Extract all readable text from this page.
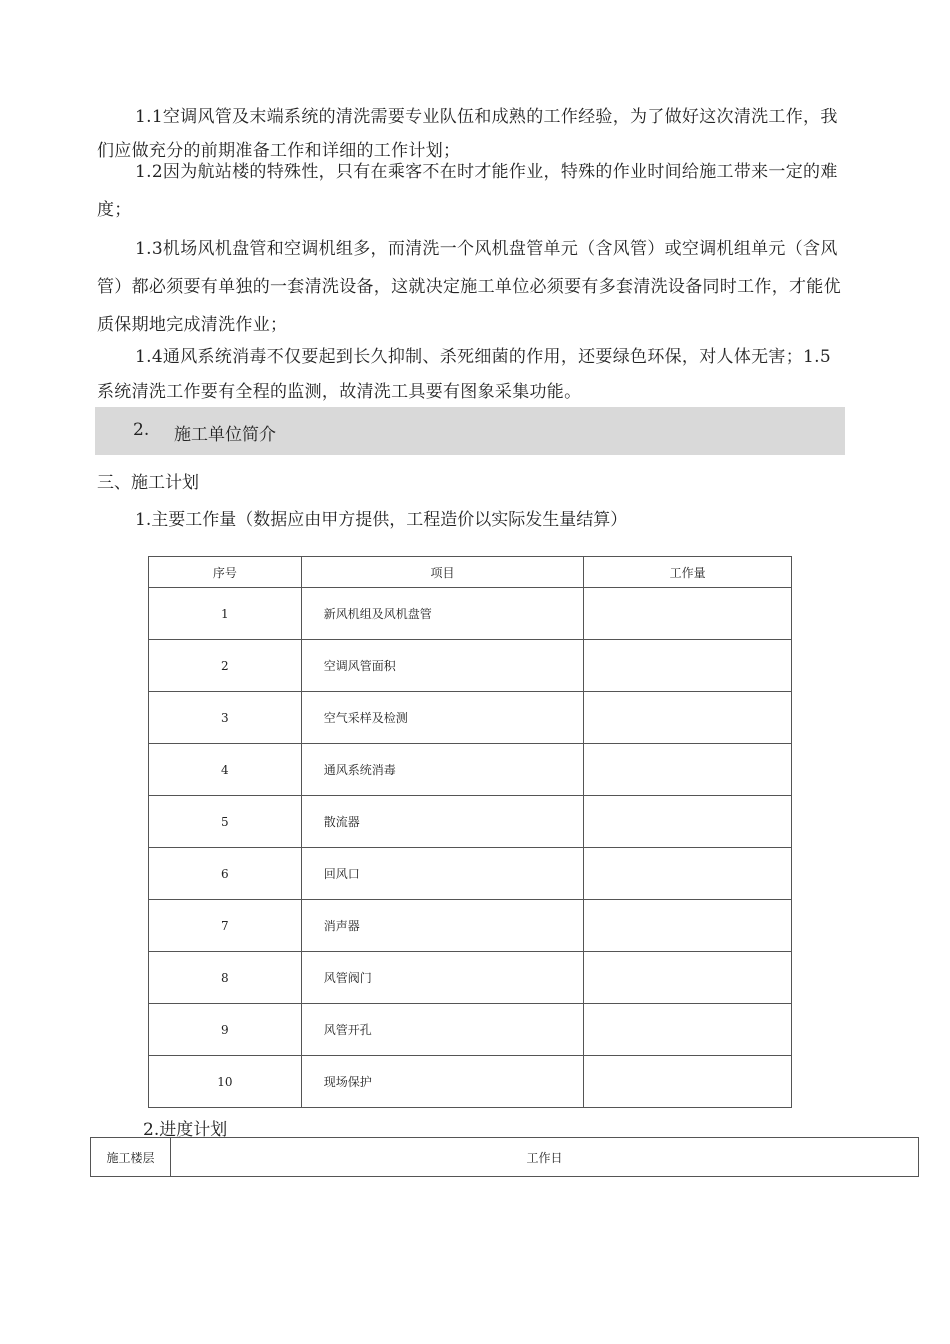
1.1空调风管及末端系统的清洗需要专业队伍和成熟的工作经验，为了做好这次清洗工作，我们应做充分的前期准备工作和详细的工作计划；

1.2因为航站楼的特殊性，只有在乘客不在时才能作业，特殊的作业时间给施工带来一定的难度；

1.3机场风机盘管和空调机组多，而清洗一个风机盘管单元（含风管）或空调机组单元（含风管）都必须要有单独的一套清洗设备，这就决定施工单位必须要有多套清洗设备同时工作，才能优质保期地完成清洗作业；

1.4通风系统消毒不仅要起到长久抑制、杀死细菌的作用，还要绿色环保，对人体无害；1.5系统清洗工作要有全程的监测，故清洗工具要有图象采集功能。

2. 施工单位简介
三、施工计划
1.主要工作量（数据应由甲方提供，工程造价以实际发生量结算）
序号	项目	工作量
1	新风机组及风机盘管	
2	空调风管面积	
3	空气采样及检测	
4	通风系统消毒	
5	散流器	
6	回风口	
7	消声器	
8	风管阀门	
9	风管开孔	
10	现场保护	
2.进度计划
施工楼层	工作日
